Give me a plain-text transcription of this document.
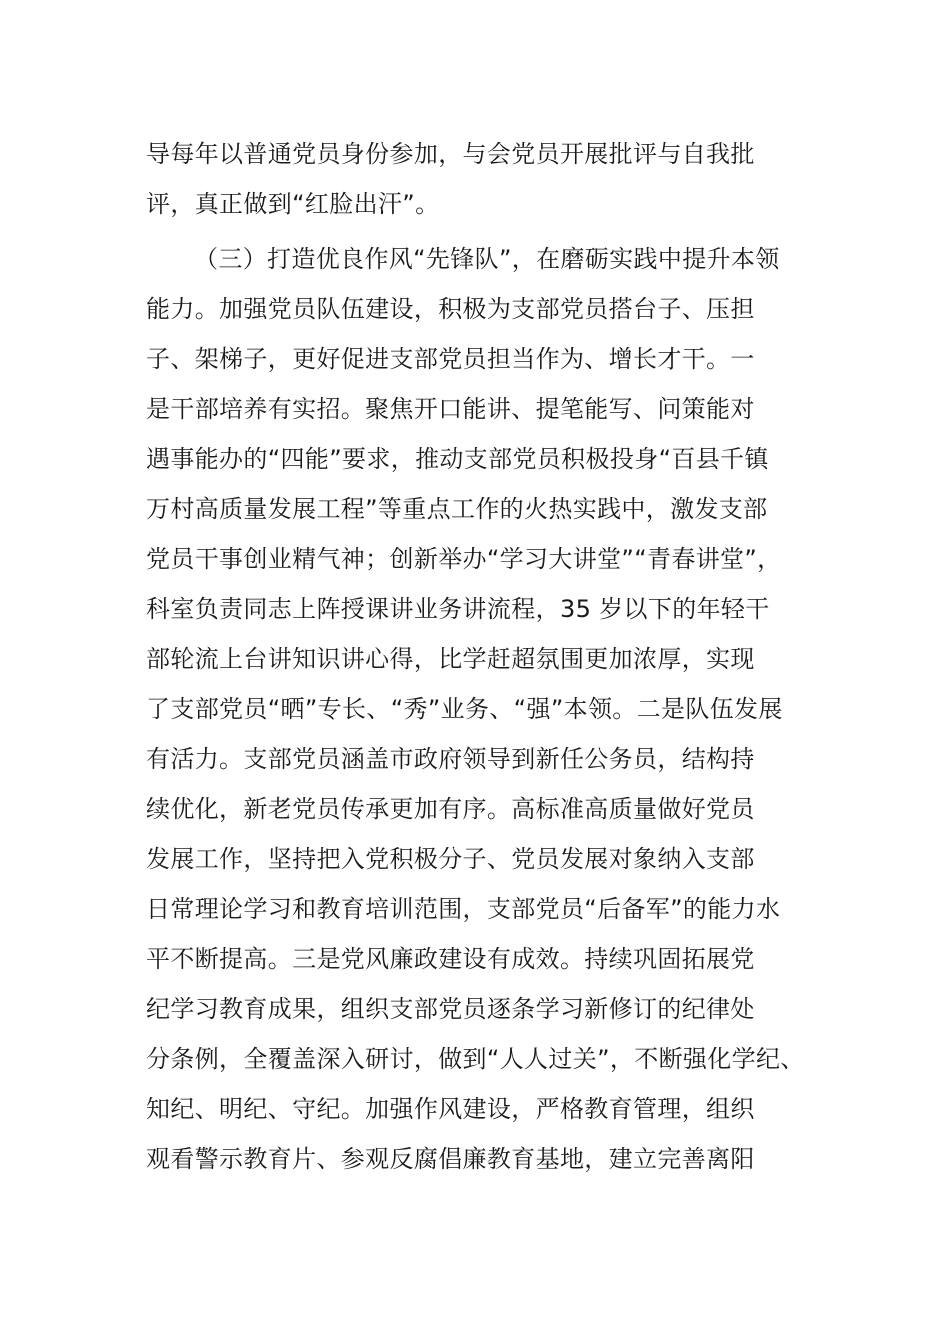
导每年以普通党员身份参加，与会党员开展批评与自我批
评，真正做到“红脸出汗”。
（三）打造优良作风“先锋队”，在磨砺实践中提升本领
能力。加强党员队伍建设，积极为支部党员搭台子、压担
子、架梯子，更好促进支部党员担当作为、增长才干。一
是干部培养有实招。聚焦开口能讲、提笔能写、问策能对
遇事能办的“四能”要求，推动支部党员积极投身“百县千镇
万村高质量发展工程”等重点工作的火热实践中，激发支部
党员干事创业精气神；创新举办“学习大讲堂”“青春讲堂”，
科室负责同志上阵授课讲业务讲流程，35 岁以下的年轻干
部轮流上台讲知识讲心得，比学赶超氛围更加浓厚，实现
了支部党员“晒”专长、“秀”业务、“强”本领。二是队伍发展
有活力。支部党员涵盖市政府领导到新任公务员，结构持
续优化，新老党员传承更加有序。高标准高质量做好党员
发展工作，坚持把入党积极分子、党员发展对象纳入支部
日常理论学习和教育培训范围，支部党员“后备军”的能力水
平不断提高。三是党风廉政建设有成效。持续巩固拓展党
纪学习教育成果，组织支部党员逐条学习新修订的纪律处
分条例，全覆盖深入研讨，做到“人人过关”，不断强化学纪、
知纪、明纪、守纪。加强作风建设，严格教育管理，组织
观看警示教育片、参观反腐倡廉教育基地，建立完善离阳
